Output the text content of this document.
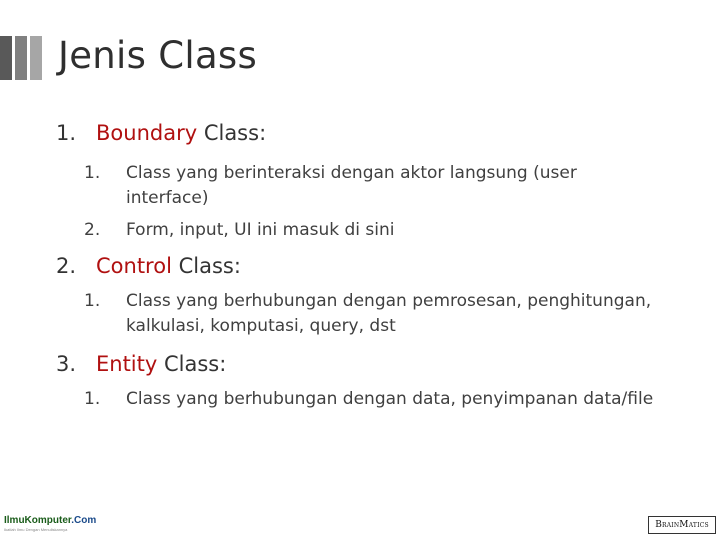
Jenis Class
1. Boundary Class:
1.	Class yang berinteraksi dengan aktor langsung (user interface)
2.	Form, input, UI ini masuk di sini
2. Control Class:
1.	Class yang berhubungan dengan pemrosesan, penghitungan, kalkulasi, komputasi, query, dst
3. Entity Class:
1.	Class yang berhubungan dengan data, penyimpanan data/file
IlmuKomputer.Com
Ikatlah Ilmu Dengan Menuliskannya	B RAIN M ATICS
